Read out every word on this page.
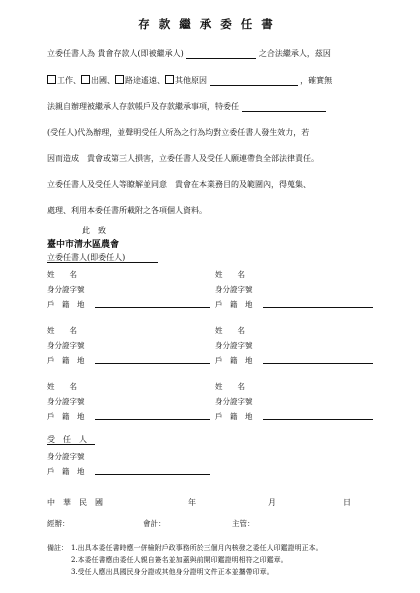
存款繼承委任書
立委任書人為 貴會存款人(即被繼承人)	之合法繼承人，茲因
工作、 出國、 路途遙遠、 其他原因	，確實無
法親自辦理被繼承人存款帳戶及存款繼承事項，特委任
(受任人)代為辦理，並聲明受任人所為之行為均對立委任書人發生效力，若
因而造成　貴會或第三人損害，立委任書人及受任人願連帶負全部法律責任。
立委任書人及受任人等瞭解並同意　貴會在本業務目的及範圍內，得蒐集、
處理、利用本委任書所載附之各項個人資料。
此　致
臺中市清水區農會
立委任書人(即委任人)
姓　　名
身分證字號
戶　籍　地
姓　　名
身分證字號
戶　籍　地
姓　　名
身分證字號
戶　籍　地
姓　　名
身分證字號
戶　籍　地
姓　　名
身分證字號
戶　籍　地
姓　　名
身分證字號
戶　籍　地
受　任　人
身分證字號
戶　籍　地
中　華　民　國	年	月	日
經辦：	會計：	主管：
備註： 1.出具本委任書時應一併檢附戶政事務所於三個月內核發之委任人印鑑證明正本。
2.本委任書應由委任人親自簽名並加蓋與前開印鑑證明相符之印鑑章。
3.受任人應出具國民身分證或其他身分證明文件正本並攜帶印章。
